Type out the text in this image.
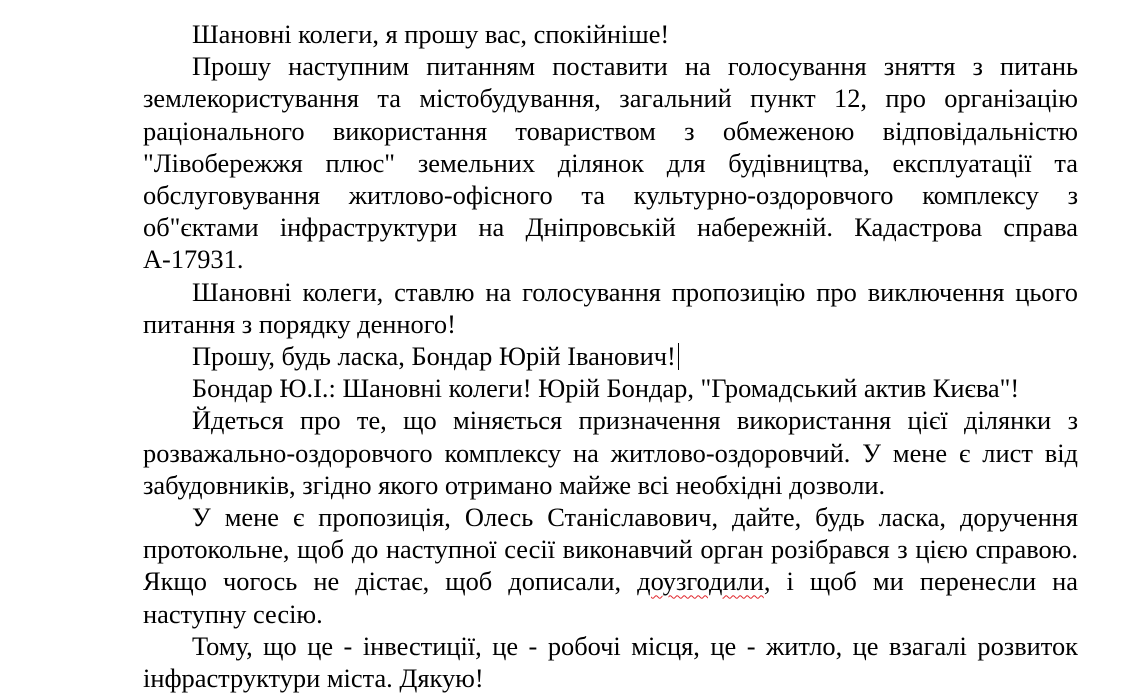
Шановні колеги, я прошу вас, спокійніше!

Прошу наступним питанням поставити на голосування зняття з питань землекористування та містобудування, загальний пункт 12, про організацію раціонального використання товариством з обмеженою відповідальністю "Лівобережжя плюс" земельних ділянок для будівництва, експлуатації та обслуговування житлово-офісного та культурно-оздоровчого комплексу з об"єктами інфраструктури на Дніпровській набережній. Кадастрова справа А-17931.

Шановні колеги, ставлю на голосування пропозицію про виключення цього питання з порядку денного!

Прошу, будь ласка, Бондар Юрій Іванович!

Бондар Ю.І.: Шановні колеги! Юрій Бондар, "Громадський актив Києва"!

Йдеться про те, що міняється призначення використання цієї ділянки з розважально-оздоровчого комплексу на житлово-оздоровчий. У мене є лист від забудовників, згідно якого отримано майже всі необхідні дозволи.

У мене є пропозиція, Олесь Станіславович, дайте, будь ласка, доручення протокольне, щоб до наступної сесії виконавчий орган розібрався з цією справою. Якщо чогось не дістає, щоб дописали, доузгодили, і щоб ми перенесли на наступну сесію.

Тому, що це - інвестиції, це - робочі місця, це - житло, це взагалі розвиток інфраструктури міста. Дякую!
